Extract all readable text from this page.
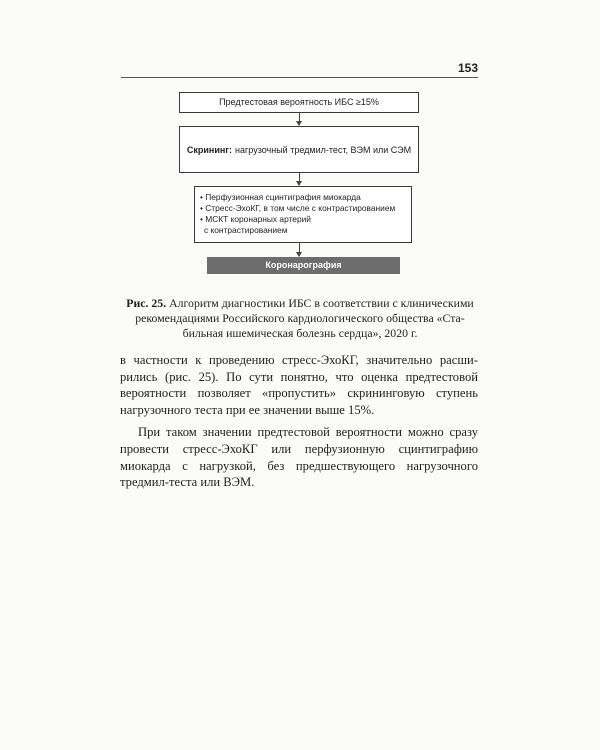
153
Предтестовая вероятность ИБС ≥15%
Скрининг: нагрузочный тредмил-тест, ВЭМ или СЭМ
• Перфузионная сцинтиграфия миокарда
• Стресс-ЭхоКГ, в том числе с контрастированием
• МСКТ коронарных артерий
с контрастированием
Коронарография
Рис. 25. Алгоритм диагностики ИБС в соответствии с клиническими рекомендациями Российского кардиологического общества «Стабильная ишемическая болезнь сердца», 2020 г.

в частности к проведению стресс-ЭхоКГ, значительно расширились (рис. 25). По сути понятно, что оценка предтестовой вероятности позволяет «пропустить» скрининговую ступень нагрузочного теста при ее значении выше 15%.

При таком значении предтестовой вероятности можно сразу провести стресс-ЭхоКГ или перфузионную сцинтиграфию миокарда с нагрузкой, без предшествующего нагрузочного тредмил-теста или ВЭМ.
